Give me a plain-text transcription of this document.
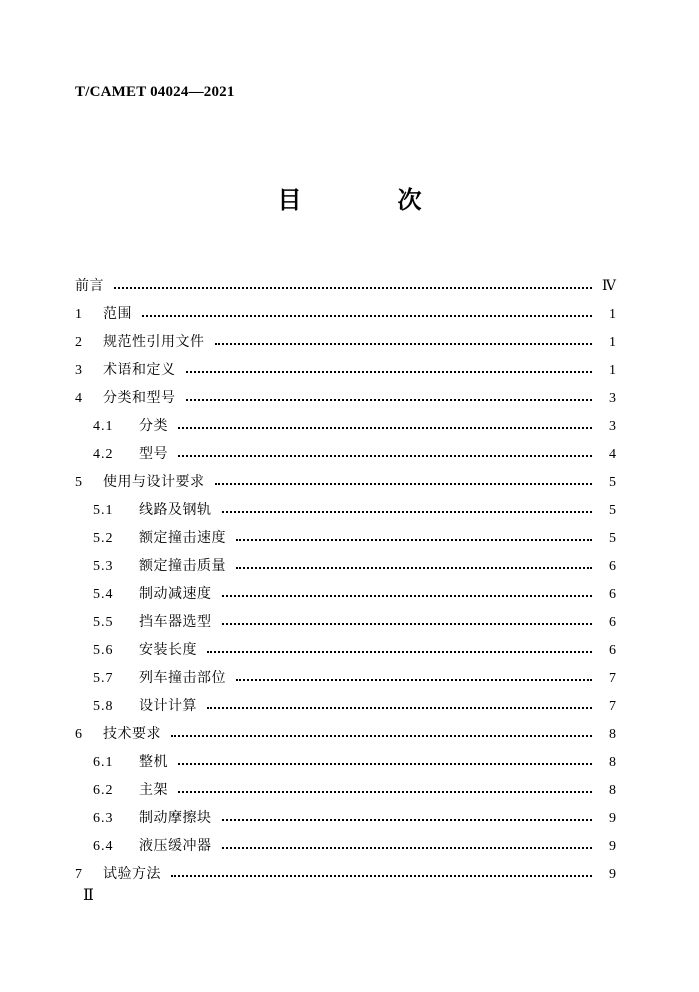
T/CAMET 04024—2021
目　次
前言	Ⅳ
1	范围	1
2	规范性引用文件	1
3	术语和定义	1
4	分类和型号	3
4.1	分类	3
4.2	型号	4
5	使用与设计要求	5
5.1	线路及钢轨	5
5.2	额定撞击速度	5
5.3	额定撞击质量	6
5.4	制动减速度	6
5.5	挡车器选型	6
5.6	安装长度	6
5.7	列车撞击部位	7
5.8	设计计算	7
6	技术要求	8
6.1	整机	8
6.2	主架	8
6.3	制动摩擦块	9
6.4	液压缓冲器	9
7	试验方法	9
Ⅱ
